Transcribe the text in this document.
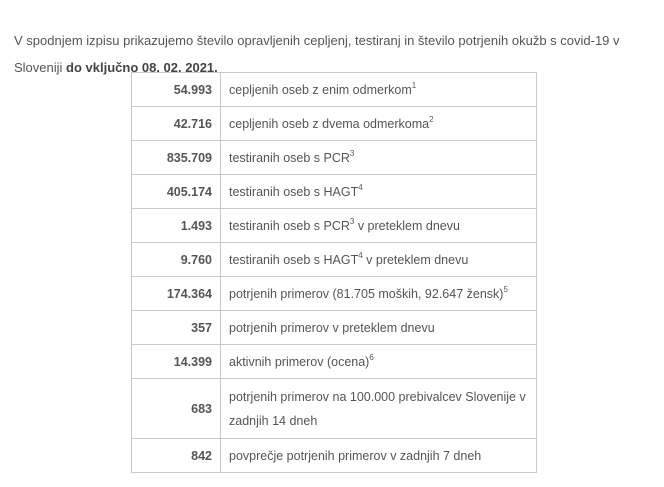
V spodnjem izpisu prikazujemo število opravljenih cepljenj, testiranj in število potrjenih okužb s covid-19 v Sloveniji do vključno 08. 02. 2021.

54.993	cepljenih oseb z enim odmerkom$^1$
42.716	cepljenih oseb z dvema odmerkoma$^2$
835.709	testiranih oseb s PCR$^3$
405.174	testiranih oseb s HAGT$^4$
1.493	testiranih oseb s PCR$^3$ v preteklem dnevu
9.760	testiranih oseb s HAGT$^4$ v preteklem dnevu
174.364	potrjenih primerov (81.705 moških, 92.647 žensk)$^5$
357	potrjenih primerov v preteklem dnevu
14.399	aktivnih primerov (ocena)$^6$
683	potrjenih primerov na 100.000 prebivalcev Slovenije v zadnjih 14 dneh
842	povprečje potrjenih primerov v zadnjih 7 dneh
